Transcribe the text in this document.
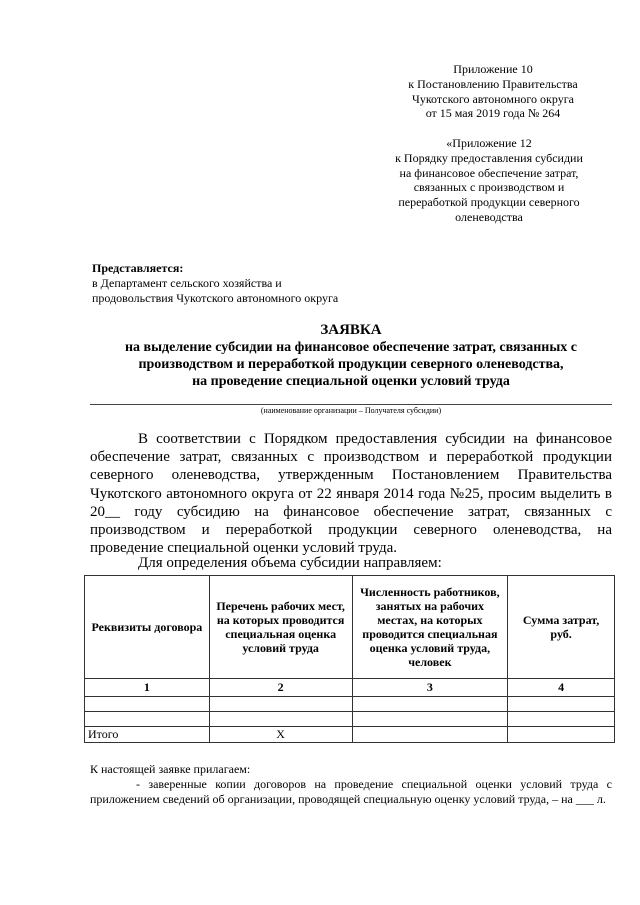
Приложение 10
к Постановлению Правительства
Чукотского автономного округа
от 15 мая 2019 года № 264
«Приложение 12
к Порядку предоставления субсидии
на финансовое обеспечение затрат,
связанных с производством и
переработкой продукции северного
оленеводства
Представляется:
в Департамент сельского хозяйства и
продовольствия Чукотского автономного округа
ЗАЯВКА
на выделение субсидии на финансовое обеспечение затрат, связанных с
производством и переработкой продукции северного оленеводства,
на проведение специальной оценки условий труда
(наименование организации – Получателя субсидии)

В соответствии с Порядком предоставления субсидии на финансовое обеспечение затрат, связанных с производством и переработкой продукции северного оленеводства, утвержденным Постановлением Правительства Чукотского автономного округа от 22 января 2014 года №25, просим выделить в 20__ году субсидию на финансовое обеспечение затрат, связанных с производством и переработкой продукции северного оленеводства, на проведение специальной оценки условий труда.

Для определения объема субсидии направляем:

Реквизиты договора	Перечень рабочих мест, на которых проводится специальная оценка условий труда	Численность работников, занятых на рабочих местах, на которых проводится специальная оценка условий труда, человек	Сумма затрат, руб.
1	2	3	4

Итого	Х		

К настоящей заявке прилагаем:

- заверенные копии договоров на проведение специальной оценки условий труда с приложением сведений об организации, проводящей специальную оценку условий труда, – на ___ л.
